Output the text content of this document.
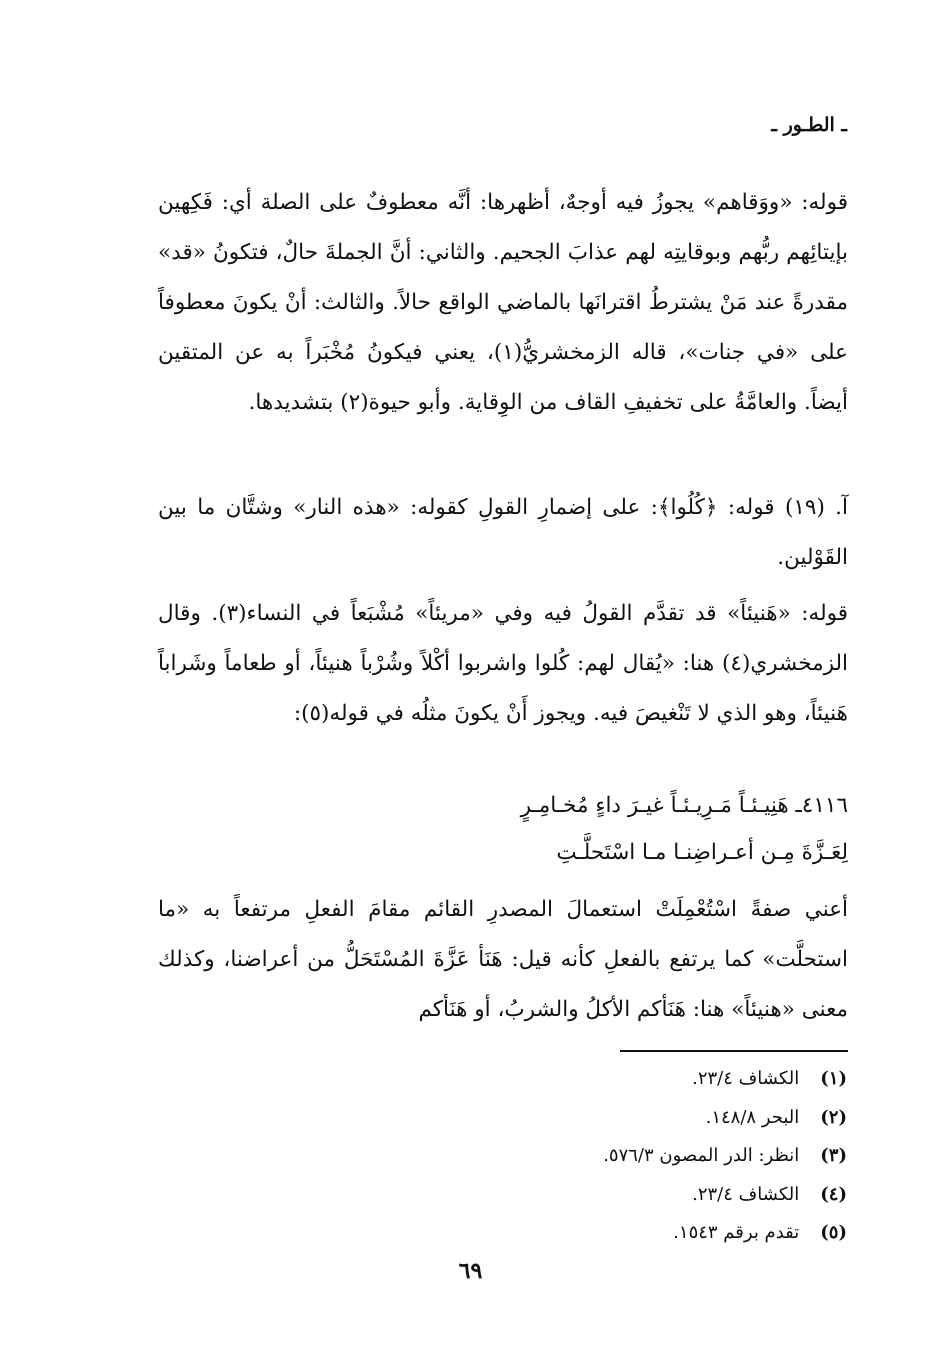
ـ الطـور ـ
قوله: «ووَقاهم» يجوزُ فيه أوجهٌ، أظهرها: أنَّه معطوفٌ على الصلة أي: فَكِهين بإيتائِهم ربُّهم وبوقايتِه لهم عذابَ الجحيم. والثاني: أنَّ الجملةَ حالٌ، فتكونُ «قد» مقدرةً عند مَنْ يشترطُ اقترانَها بالماضي الواقع حالاً. والثالث: أنْ يكونَ معطوفاً على «في جنات»، قاله الزمخشريُّ(١)، يعني فيكونُ مُخْبَراً به عن المتقين أيضاً. والعامَّةُ على تخفيفِ القاف من الوِقاية. وأبو حيوة(٢) بتشديدها.
آ. (١٩) قوله: ﴿كُلُوا﴾: على إضمارِ القولِ كقوله: «هذه النار» وشتَّان ما بين القَوْلين.
قوله: «هَنيئاً» قد تقدَّم القولُ فيه وفي «مريئاً» مُشْبَعاً في النساء(٣). وقال الزمخشري(٤) هنا: «يُقال لهم: كُلوا واشربوا أكْلاً وشُرْباً هنيئاً، أو طعاماً وشَراباً هَنيئاً، وهو الذي لا تَنْغيصَ فيه. ويجوز أَنْ يكونَ مثلُه في قوله(٥):
٤١١٦ـ هَنِيـئـاً مَـرِيـئـاً غيـرَ داءٍ مُخـامِـرٍ
لِعَـزَّةَ مِـن أعـراضِنـا مـا اسْتَحلَّـتِ
أعني صفةً اسْتُعْمِلَتْ استعمالَ المصدرِ القائم مقامَ الفعلِ مرتفعاً به «ما استحلَّت» كما يرتفع بالفعلِ كأنه قيل: هَنَأ عَزَّةَ المُسْتَحَلُّ من أعراضنا، وكذلك معنى «هنيئاً» هنا: هَنَأكم الأكلُ والشربُ، أو هَنَأكم
(١) الكشاف ٢٣/٤.
(٢) البحر ١٤٨/٨.
(٣) انظر: الدر المصون ٥٧٦/٣.
(٤) الكشاف ٢٣/٤.
(٥) تقدم برقم ١٥٤٣.
٦٩
